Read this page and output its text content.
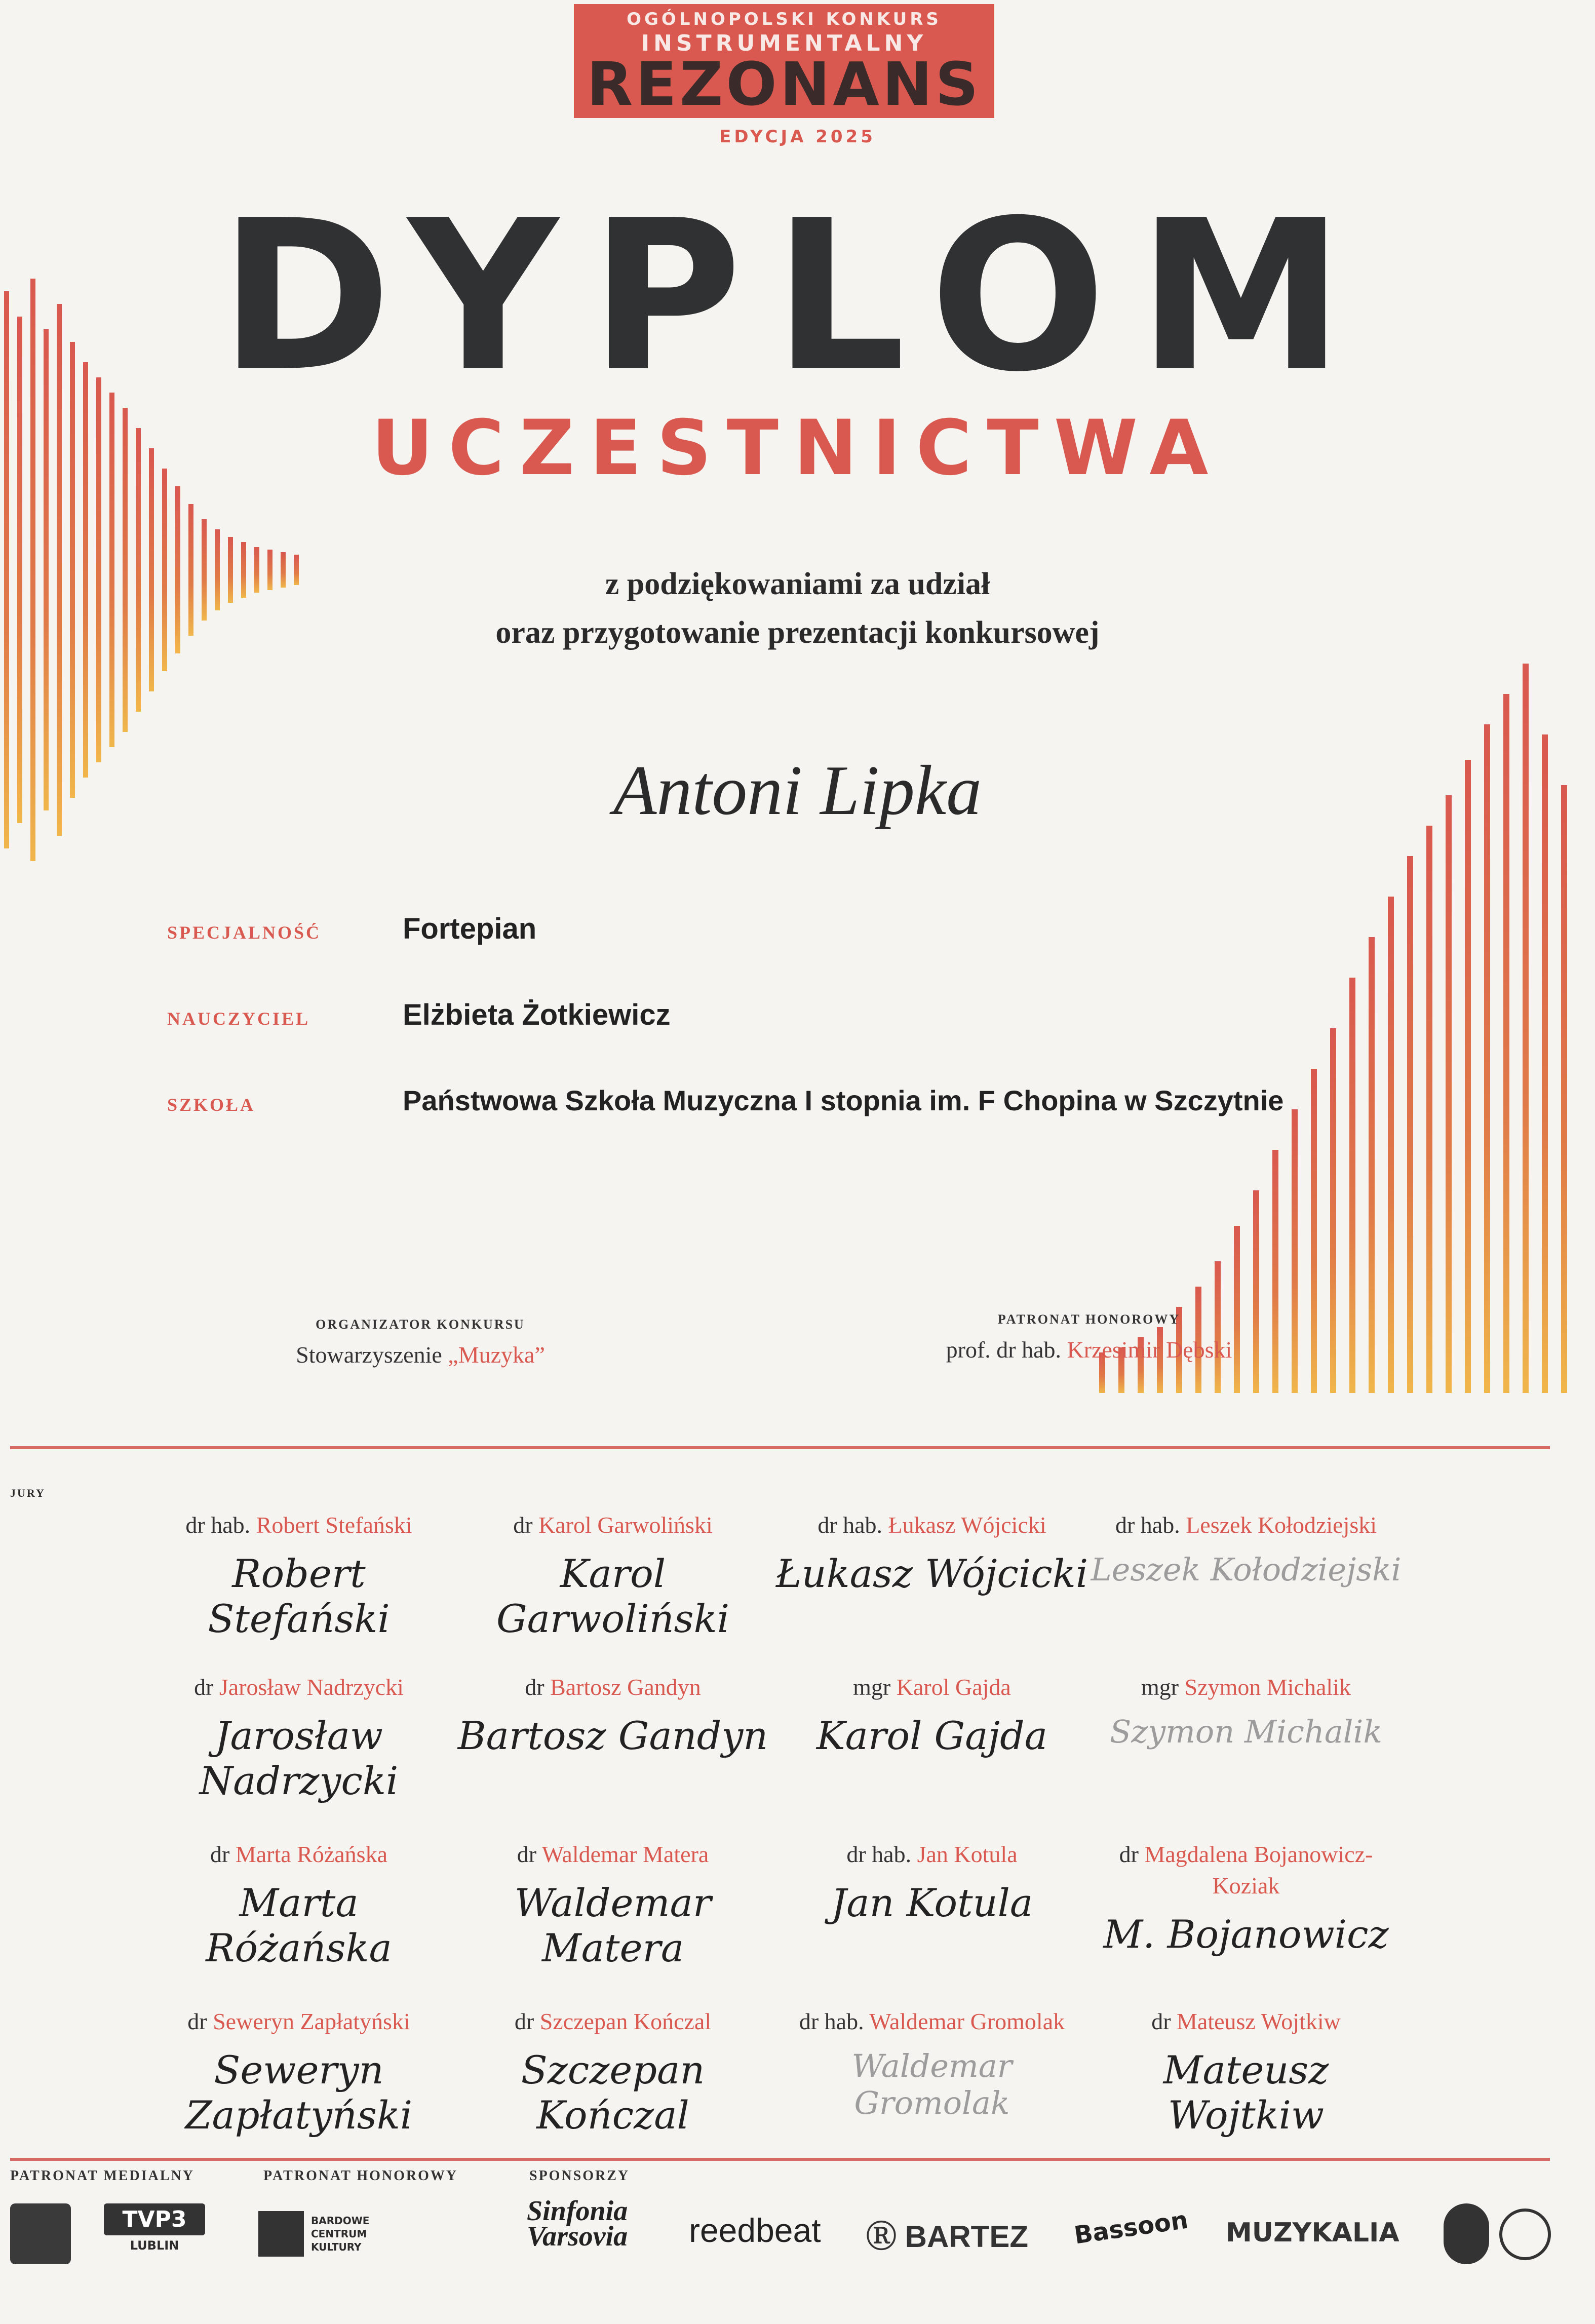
OGÓLNOPOLSKI KONKURS
INSTRUMENTALNY
REZONANS
EDYCJA 2025
DYPLOM
UCZESTNICTWA
z podziękowaniami za udział
oraz przygotowanie prezentacji konkursowej
Antoni Lipka
SPECJALNOŚĆ	Fortepian
NAUCZYCIEL	Elżbieta Żotkiewicz
SZKOŁA	Państwowa Szkoła Muzyczna I stopnia im. F Chopina w Szczytnie
ORGANIZATOR KONKURSU
Stowarzyszenie „Muzyka”
PATRONAT HONOROWY
prof. dr hab. Krzesimir Dębski
JURY
dr hab. Robert Stefański
Robert Stefański
dr Karol Garwoliński
Karol Garwoliński
dr hab. Łukasz Wójcicki
Łukasz Wójcicki
dr hab. Leszek Kołodziejski
Leszek Kołodziejski
dr Jarosław Nadrzycki
Jarosław Nadrzycki
dr Bartosz Gandyn
Bartosz Gandyn
mgr Karol Gajda
Karol Gajda
mgr Szymon Michalik
Szymon Michalik
dr Marta Różańska
Marta Różańska
dr Waldemar Matera
Waldemar Matera
dr hab. Jan Kotula
Jan Kotula
dr Magdalena Bojanowicz-Koziak
M. Bojanowicz
dr Seweryn Zapłatyński
Seweryn Zapłatyński
dr Szczepan Kończal
Szczepan Kończal
dr hab. Waldemar Gromolak
Waldemar Gromolak
dr Mateusz Wojtkiw
Mateusz Wojtkiw
PATRONAT MEDIALNY	PATRONAT HONOROWY	SPONSORZY
TVP3
LUBLIN
BARDOWE CENTRUM KULTURY
Sinfonia Varsovia	reedbeat Ⓡ BARTEZ Bassoon MUZYKALIA
